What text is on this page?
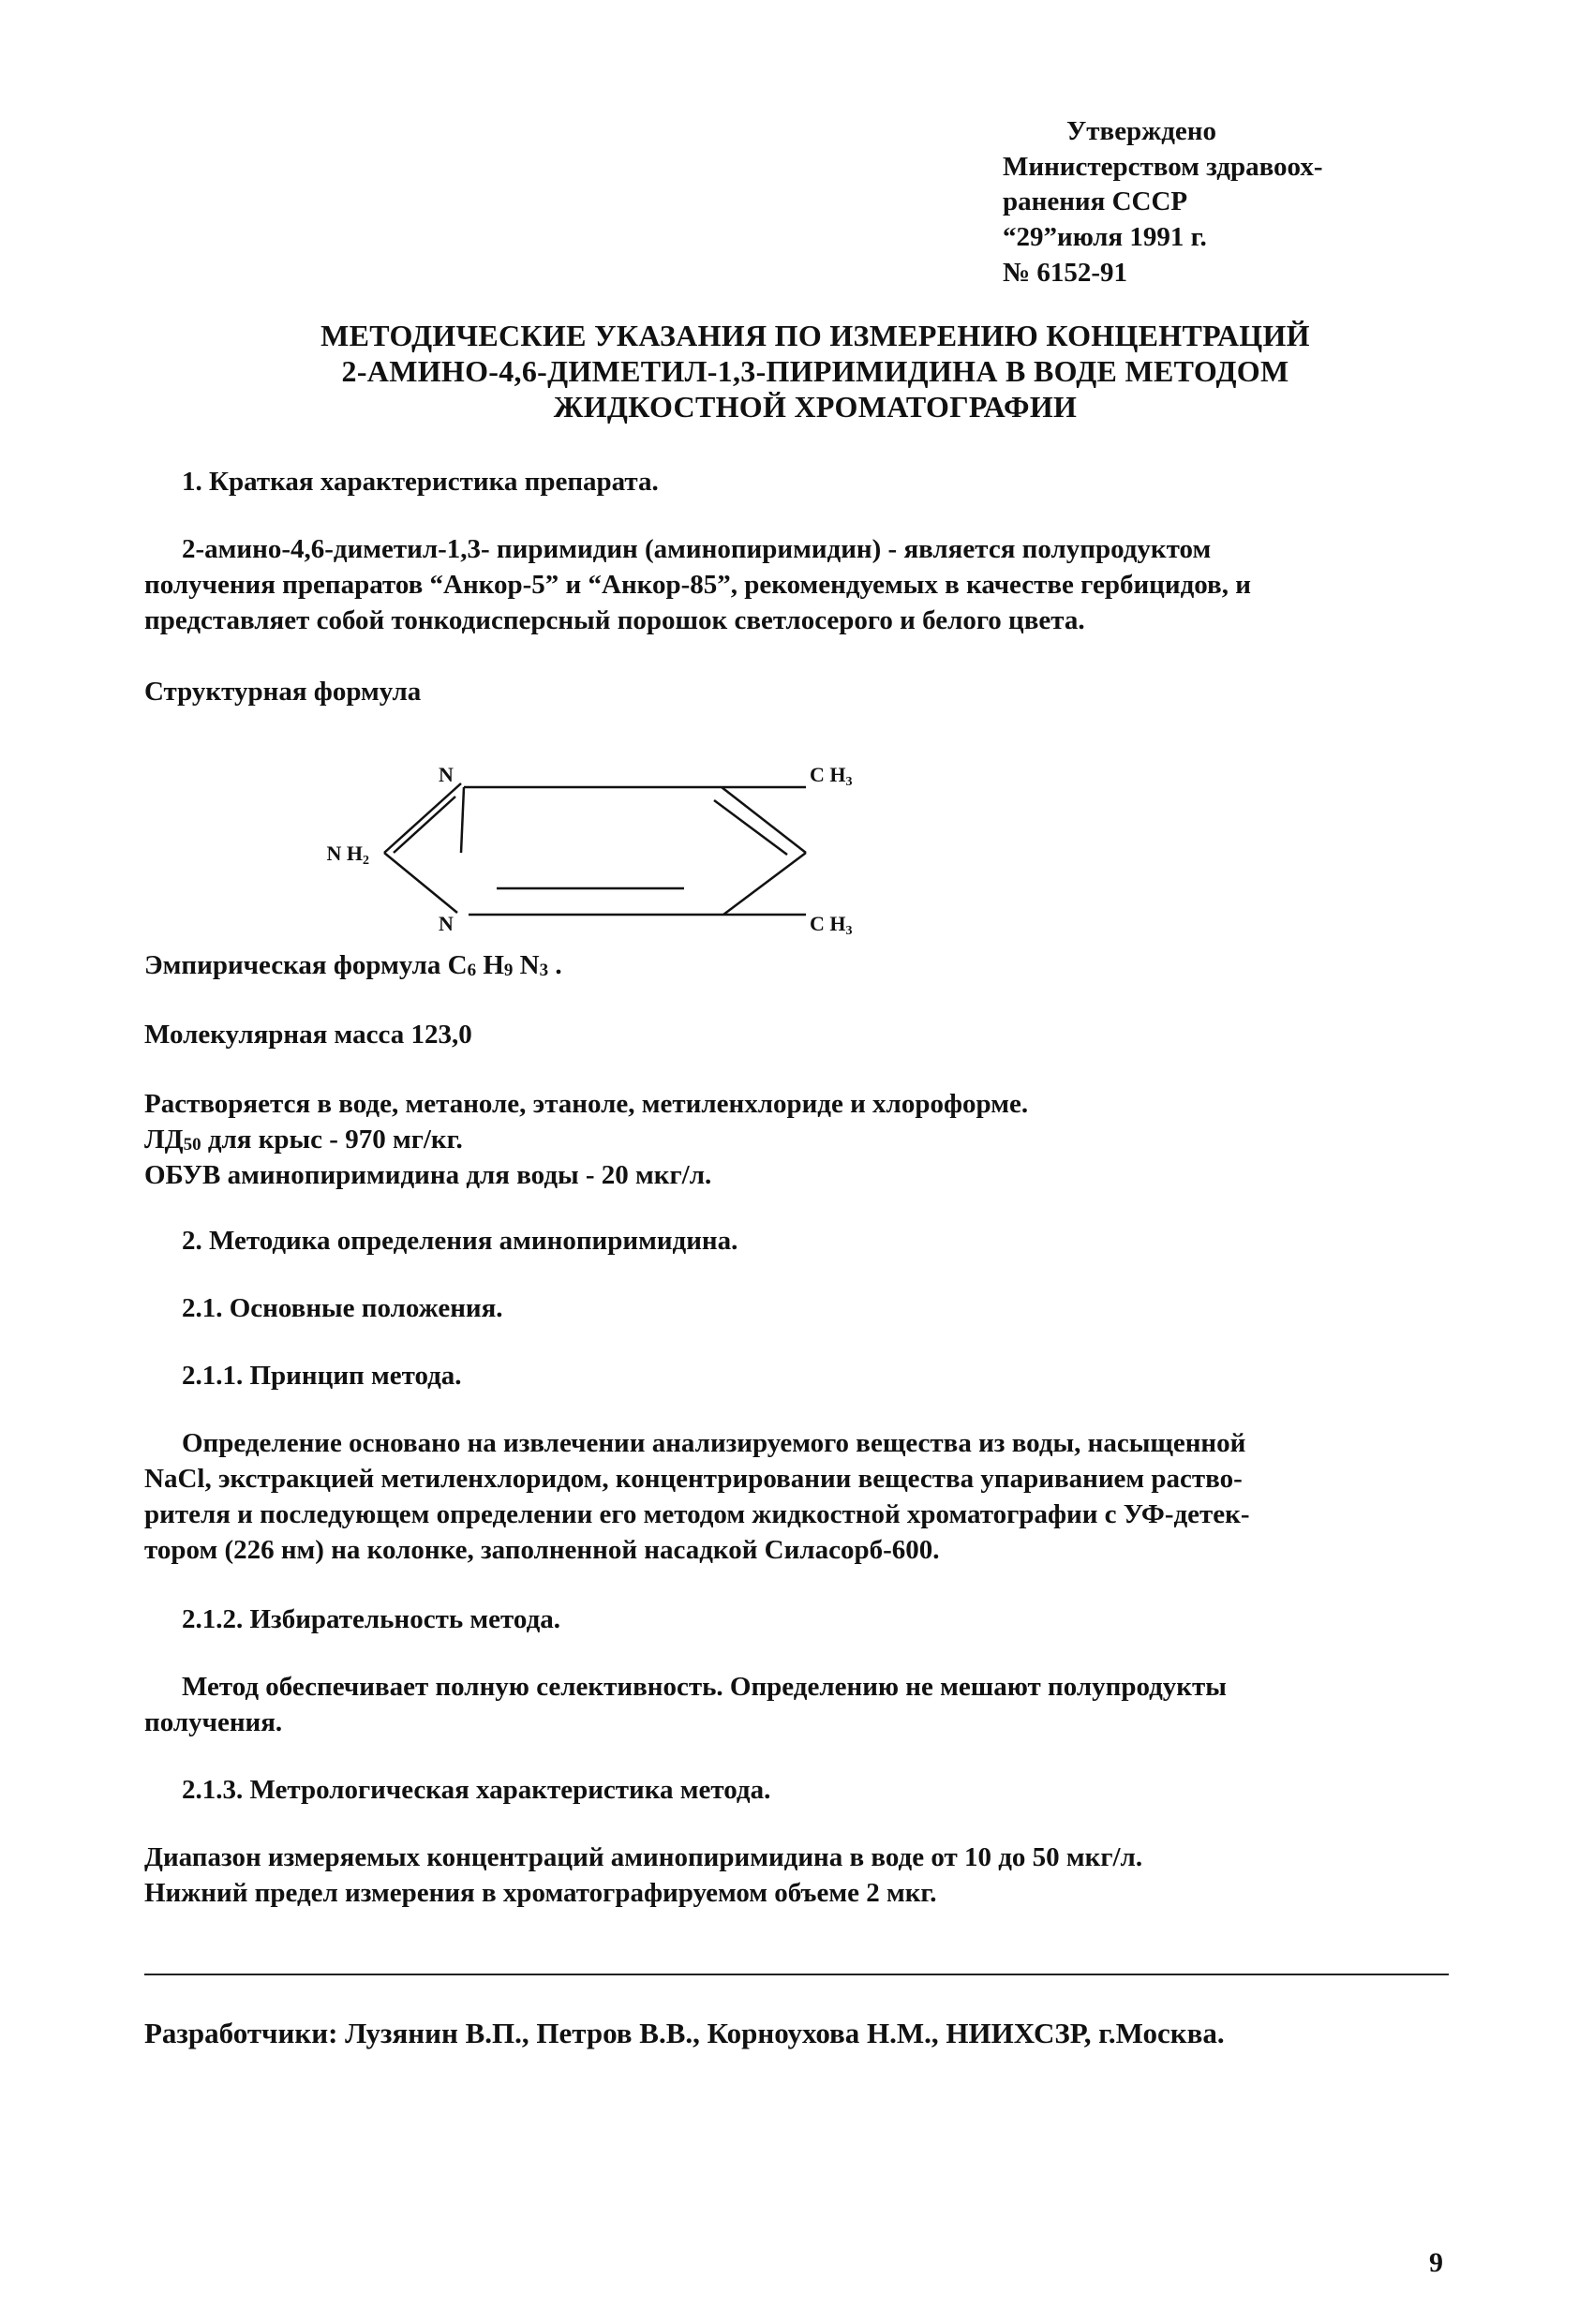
Утверждено
Министерством здравоох-
ранения СССР
“29”июля 1991 г.
№ 6152-91
МЕТОДИЧЕСКИЕ УКАЗАНИЯ ПО ИЗМЕРЕНИЮ КОНЦЕНТРАЦИЙ
2-АМИНО-4,6-ДИМЕТИЛ-1,3-ПИРИМИДИНА В ВОДЕ МЕТОДОМ
ЖИДКОСТНОЙ ХРОМАТОГРАФИИ
1. Краткая характеристика препарата.
2-амино-4,6-диметил-1,3- пиримидин (аминопиримидин) - является полупродуктом
получения препаратов “Анкор-5” и “Анкор-85”, рекомендуемых в качестве гербицидов, и
представляет собой тонкодисперсный порошок светлосерого и белого цвета.
Структурная формула
N
N
N H2
C H3
C H3
Эмпирическая формула $C_6$ $H_9$ $N_3$ .
Молекулярная масса 123,0
Растворяется в воде, метаноле, этаноле, метиленхлориде и хлороформе.
$ЛД_{50}$ для крыс - 970 мг/кг.
ОБУВ аминопиримидина для воды - 20 мкг/л.
2. Методика определения аминопиримидина.
2.1. Основные положения.
2.1.1. Принцип метода.
Определение основано на извлечении анализируемого вещества из воды, насыщенной
NaCl, экстракцией метиленхлоридом, концентрировании вещества упариванием раство-
рителя и последующем определении его методом жидкостной хроматографии с УФ-детек-
тором (226 нм) на колонке, заполненной насадкой Силасорб-600.
2.1.2. Избирательность метода.
Метод обеспечивает полную селективность. Определению не мешают полупродукты
получения.
2.1.3. Метрологическая характеристика метода.
Диапазон измеряемых концентраций аминопиримидина в воде от 10 до 50 мкг/л.
Нижний предел измерения в хроматографируемом объеме 2 мкг.
Разработчики: Лузянин В.П., Петров В.В., Корноухова Н.М., НИИХСЗР, г.Москва.
9
